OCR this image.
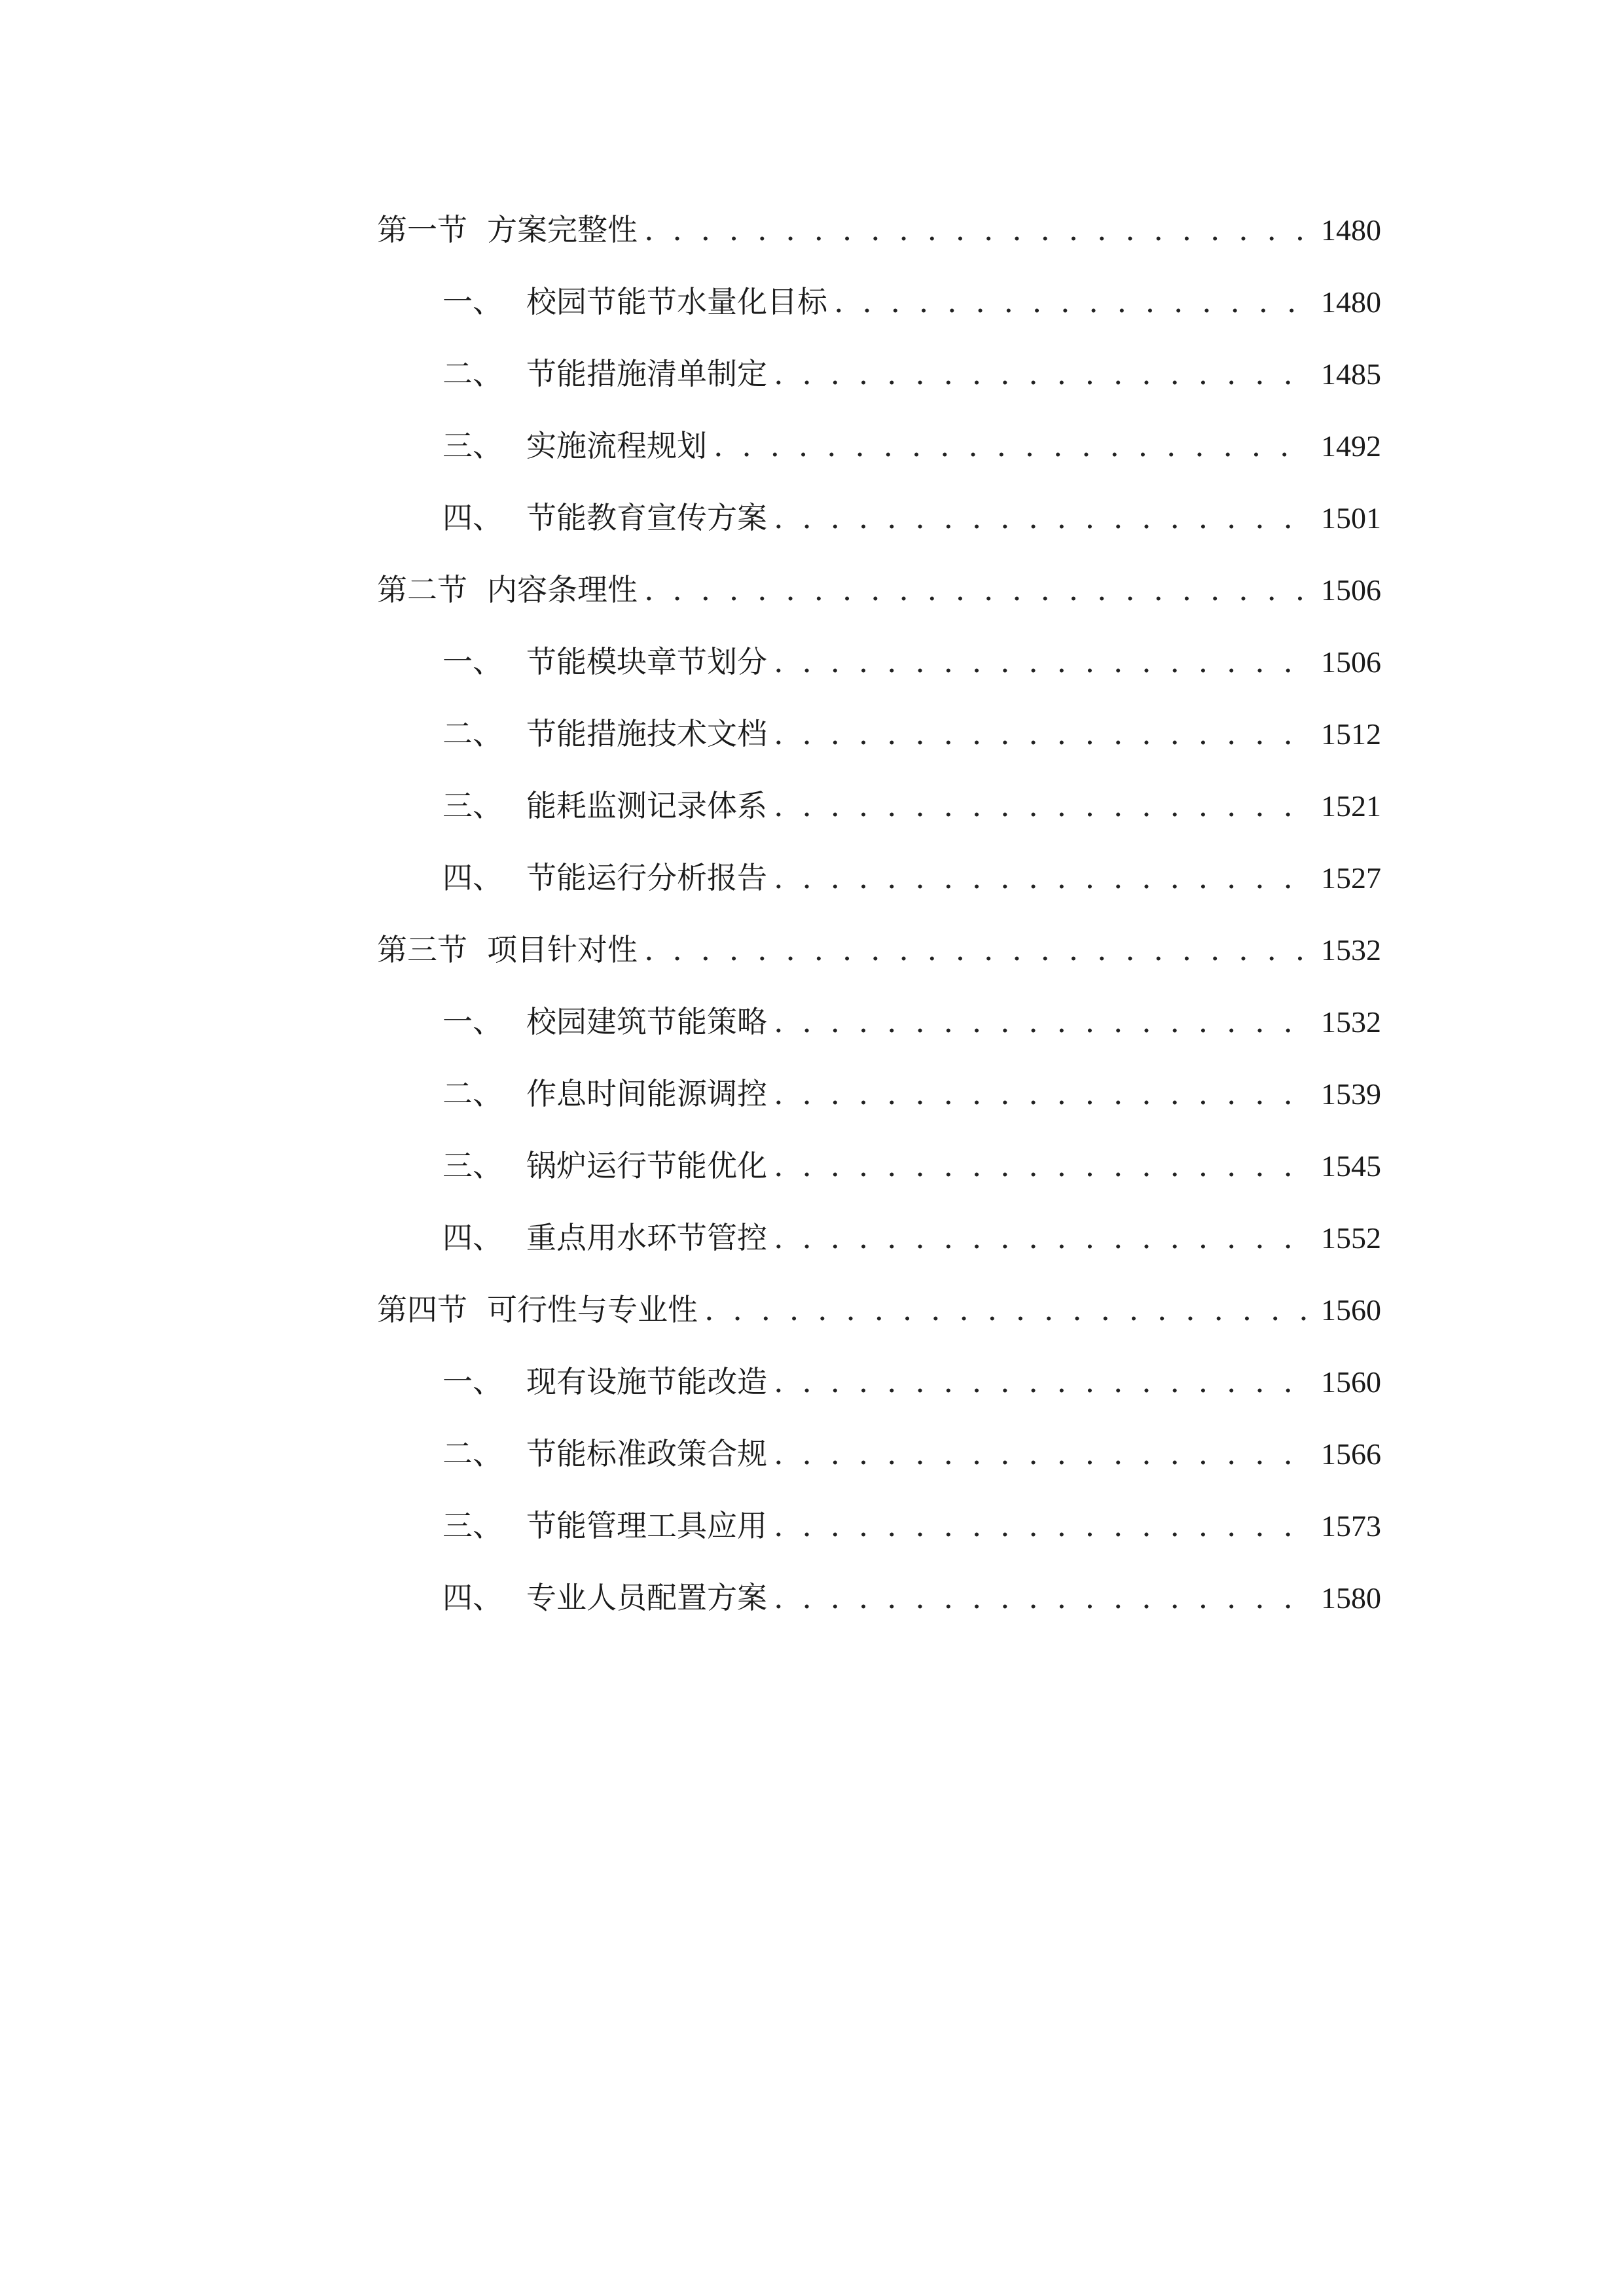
第一节 方案完整性 . . .	1480
一、 校园节能节水量化目标 . . .	1480
二、 节能措施清单制定 . . .	1485
三、 实施流程规划 . . .	1492
四、 节能教育宣传方案 . . .	1501
第二节 内容条理性 . . .	1506
一、 节能模块章节划分 . . .	1506
二、 节能措施技术文档 . . .	1512
三、 能耗监测记录体系 . . .	1521
四、 节能运行分析报告 . . .	1527
第三节 项目针对性 . . .	1532
一、 校园建筑节能策略 . . .	1532
二、 作息时间能源调控 . . .	1539
三、 锅炉运行节能优化 . . .	1545
四、 重点用水环节管控 . . .	1552
第四节 可行性与专业性 . . .	1560
一、 现有设施节能改造 . . .	1560
二、 节能标准政策合规 . . .	1566
三、 节能管理工具应用 . . .	1573
四、 专业人员配置方案 . . .	1580
